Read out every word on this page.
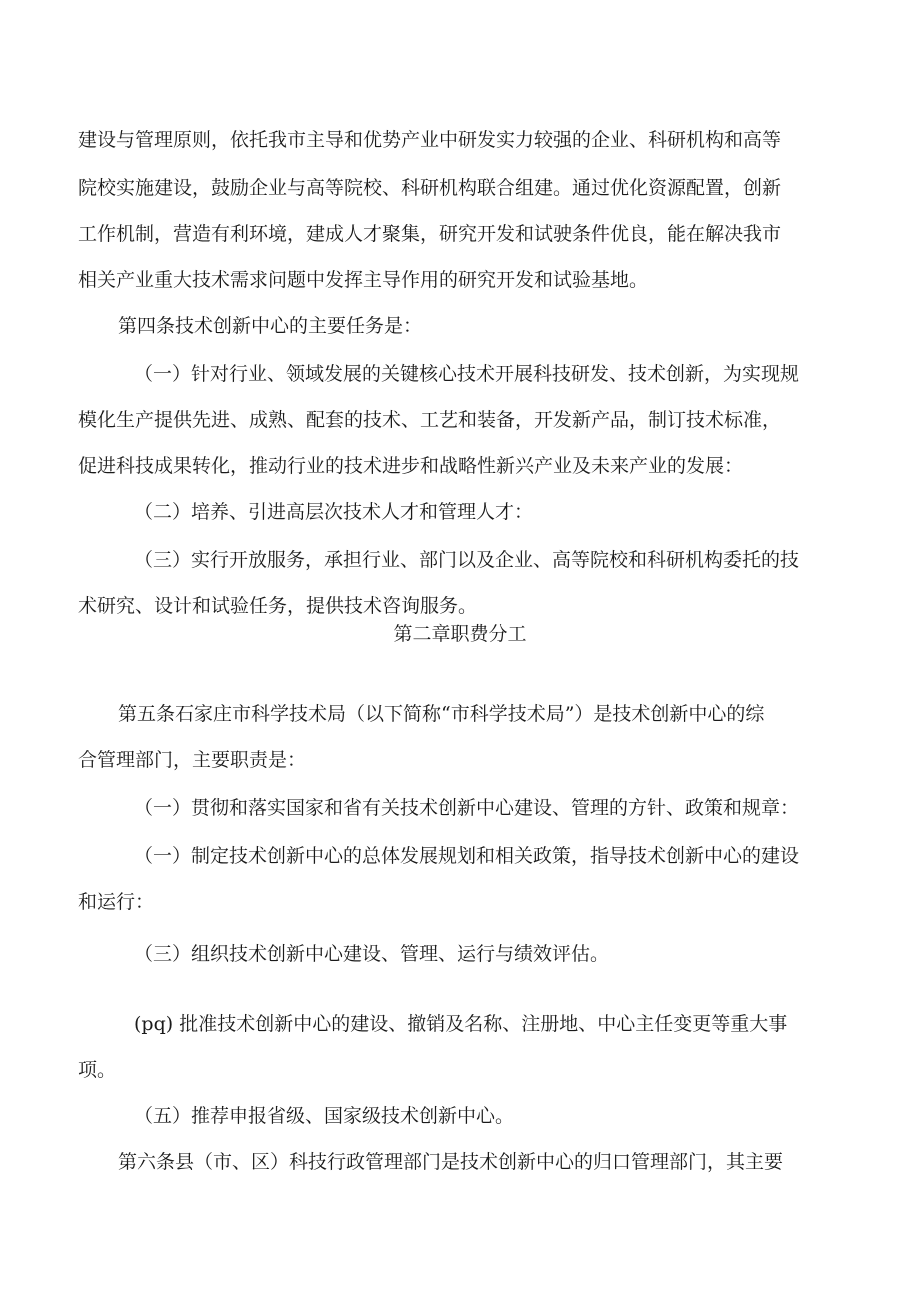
建设与管理原则，依托我市主导和优势产业中研发实力较强的企业、科研机构和高等

院校实施建设，鼓励企业与高等院校、科研机构联合组建。通过优化资源配置，创新

工作机制，营造有利环境，建成人才聚集，研究开发和试驶条件优良，能在解决我市

相关产业重大技术需求问题中发挥主导作用的研究开发和试验基地。

第四条技术创新中心的主要任务是：

（一）针对行业、领域发展的关键核心技术开展科技研发、技术创新，为实现规

模化生产提供先进、成熟、配套的技术、工艺和装备，开发新产品，制订技术标准，

促进科技成果转化，推动行业的技术进步和战略性新兴产业及未来产业的发展：

（二）培养、引进高层次技术人才和管理人才：

（三）实行开放服务，承担行业、部门以及企业、高等院校和科研机构委托的技

术研究、设计和试验任务，提供技术咨询服务。

第二章职费分工

第五条石家庄市科学技术局（以下简称“市科学技术局”）是技术创新中心的综

合管理部门，主要职责是：

（一）贯彻和落实国家和省有关技术创新中心建设、管理的方针、政策和规章：

（一）制定技术创新中心的总体发展规划和相关政策，指导技术创新中心的建设

和运行：

（三）组织技术创新中心建设、管理、运行与绩效评估。

(pq) 批准技术创新中心的建设、撤销及名称、注册地、中心主任变更等重大事

项。

（五）推荐申报省级、国家级技术创新中心。

第六条县（市、区）科技行政管理部门是技术创新中心的归口管理部门，其主要
